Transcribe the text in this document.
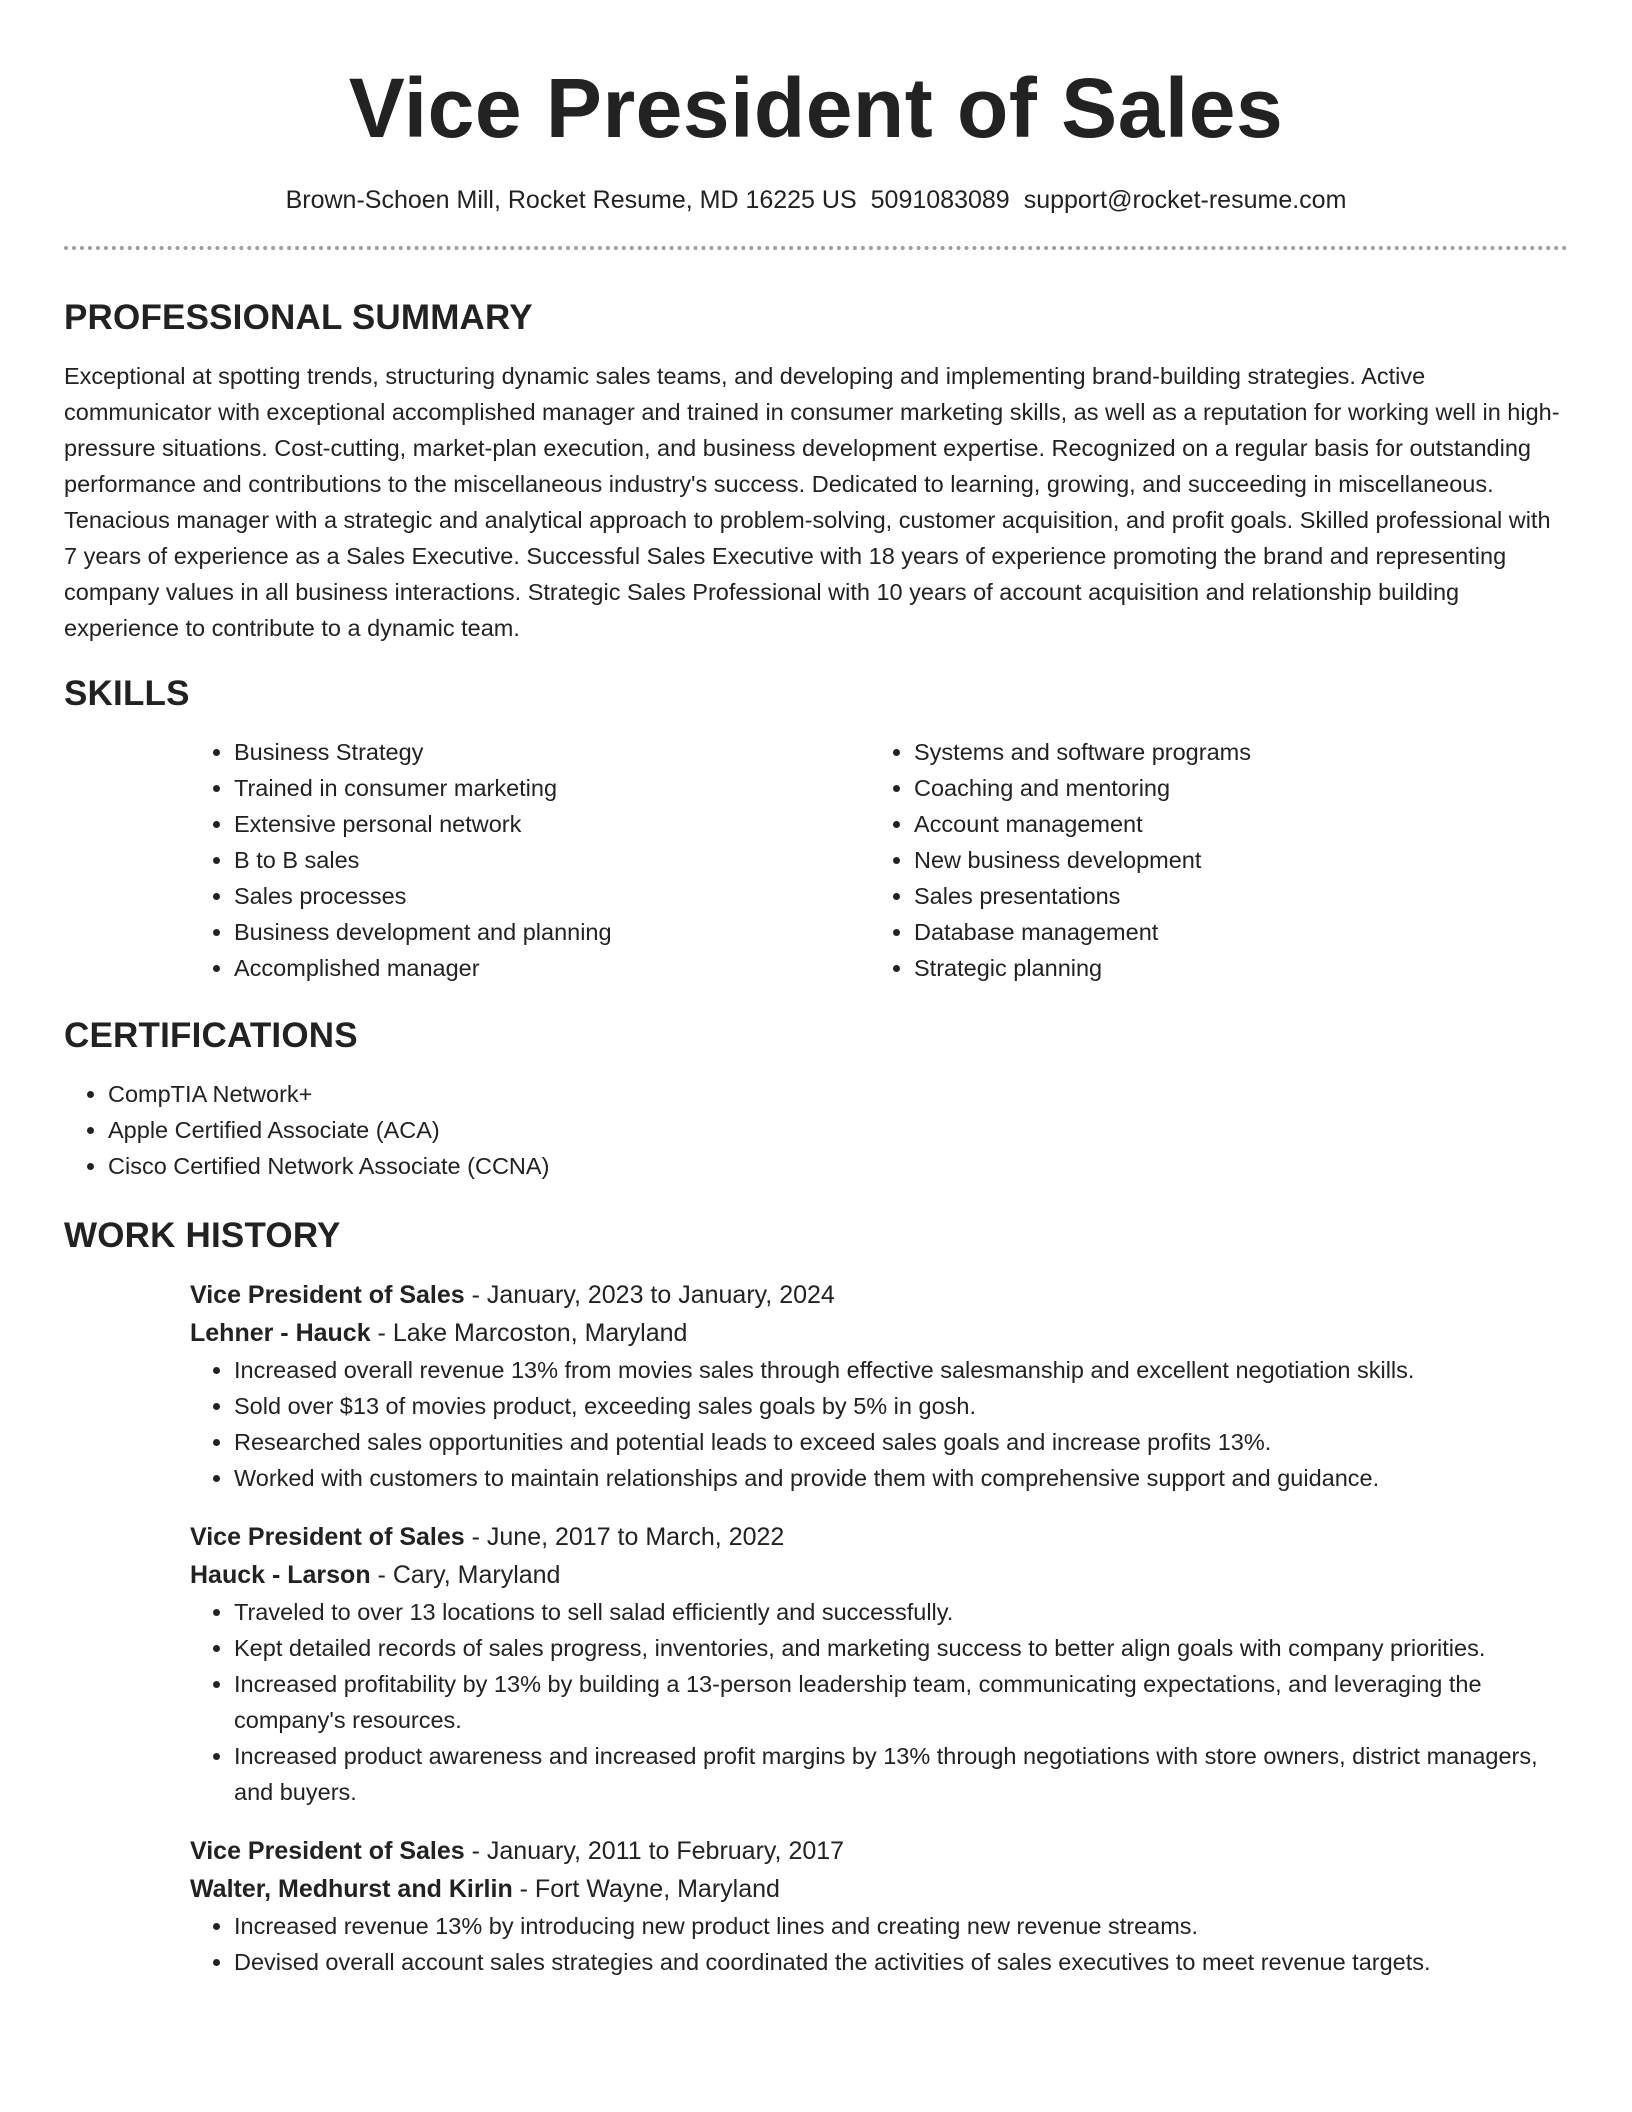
Vice President of Sales
Brown-Schoen Mill, Rocket Resume, MD 16225 US 5091083089 support@rocket-resume.com
PROFESSIONAL SUMMARY

Exceptional at spotting trends, structuring dynamic sales teams, and developing and implementing brand-building strategies. Active communicator with exceptional accomplished manager and trained in consumer marketing skills, as well as a reputation for working well in high-pressure situations. Cost-cutting, market-plan execution, and business development expertise. Recognized on a regular basis for outstanding performance and contributions to the miscellaneous industry's success. Dedicated to learning, growing, and succeeding in miscellaneous. Tenacious manager with a strategic and analytical approach to problem-solving, customer acquisition, and profit goals. Skilled professional with 7 years of experience as a Sales Executive. Successful Sales Executive with 18 years of experience promoting the brand and representing company values in all business interactions. Strategic Sales Professional with 10 years of account acquisition and relationship building experience to contribute to a dynamic team.

SKILLS
• Business Strategy
• Trained in consumer marketing
• Extensive personal network
• B to B sales
• Sales processes
• Business development and planning
• Accomplished manager
• Systems and software programs
• Coaching and mentoring
• Account management
• New business development
• Sales presentations
• Database management
• Strategic planning
CERTIFICATIONS
• CompTIA Network+
• Apple Certified Associate (ACA)
• Cisco Certified Network Associate (CCNA)
WORK HISTORY
Vice President of Sales - January, 2023 to January, 2024
Lehner - Hauck - Lake Marcoston, Maryland
• Increased overall revenue 13% from movies sales through effective salesmanship and excellent negotiation skills.
• Sold over $13 of movies product, exceeding sales goals by 5% in gosh.
• Researched sales opportunities and potential leads to exceed sales goals and increase profits 13%.
• Worked with customers to maintain relationships and provide them with comprehensive support and guidance.
Vice President of Sales - June, 2017 to March, 2022
Hauck - Larson - Cary, Maryland
• Traveled to over 13 locations to sell salad efficiently and successfully.
• Kept detailed records of sales progress, inventories, and marketing success to better align goals with company priorities.
• Increased profitability by 13% by building a 13-person leadership team, communicating expectations, and leveraging the company's resources.
• Increased product awareness and increased profit margins by 13% through negotiations with store owners, district managers, and buyers.
Vice President of Sales - January, 2011 to February, 2017
Walter, Medhurst and Kirlin - Fort Wayne, Maryland
• Increased revenue 13% by introducing new product lines and creating new revenue streams.
• Devised overall account sales strategies and coordinated the activities of sales executives to meet revenue targets.
